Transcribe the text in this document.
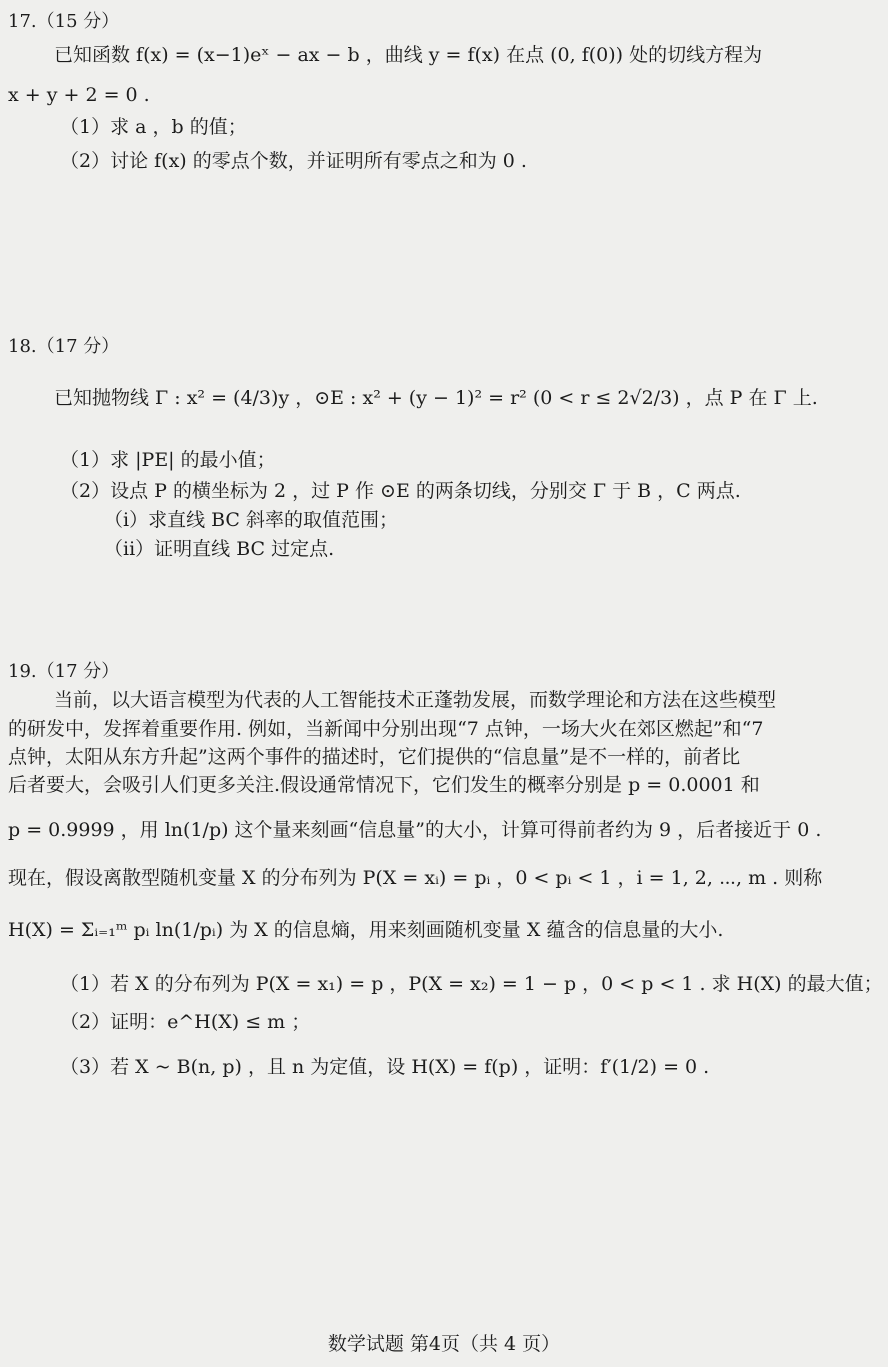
17.（15 分）
已知函数 f(x) = (x−1)eˣ − ax − b ，曲线 y = f(x) 在点 (0, f(0)) 处的切线方程为
x + y + 2 = 0 .
（1）求 a ，b 的值；
（2）讨论 f(x) 的零点个数，并证明所有零点之和为 0 .
18.（17 分）
已知抛物线 Γ : x² = (4/3)y ，⊙E : x² + (y − 1)² = r² (0 < r ≤ 2√2/3) ，点 P 在 Γ 上.
（1）求 |PE| 的最小值；
（2）设点 P 的横坐标为 2 ，过 P 作 ⊙E 的两条切线，分别交 Γ 于 B ，C 两点.
（i）求直线 BC 斜率的取值范围；
（ii）证明直线 BC 过定点.
19.（17 分）
当前，以大语言模型为代表的人工智能技术正蓬勃发展，而数学理论和方法在这些模型
的研发中，发挥着重要作用. 例如，当新闻中分别出现“7 点钟，一场大火在郊区燃起”和“7
点钟，太阳从东方升起”这两个事件的描述时，它们提供的“信息量”是不一样的，前者比
后者要大，会吸引人们更多关注.假设通常情况下，它们发生的概率分别是 p = 0.0001 和
p = 0.9999 ，用 ln(1/p) 这个量来刻画“信息量”的大小，计算可得前者约为 9 ，后者接近于 0 .
现在，假设离散型随机变量 X 的分布列为 P(X = xᵢ) = pᵢ ，0 < pᵢ < 1 ，i = 1, 2, ⋯, m . 则称
H(X) = Σᵢ₌₁ᵐ pᵢ ln(1/pᵢ) 为 X 的信息熵，用来刻画随机变量 X 蕴含的信息量的大小.
（1）若 X 的分布列为 P(X = x₁) = p ，P(X = x₂) = 1 − p ，0 < p < 1 . 求 H(X) 的最大值；
（2）证明：e^H(X) ≤ m ；
（3）若 X ~ B(n, p) ，且 n 为定值，设 H(X) = f(p) ，证明：f′(1/2) = 0 .
数学试题 第4页（共 4 页）
